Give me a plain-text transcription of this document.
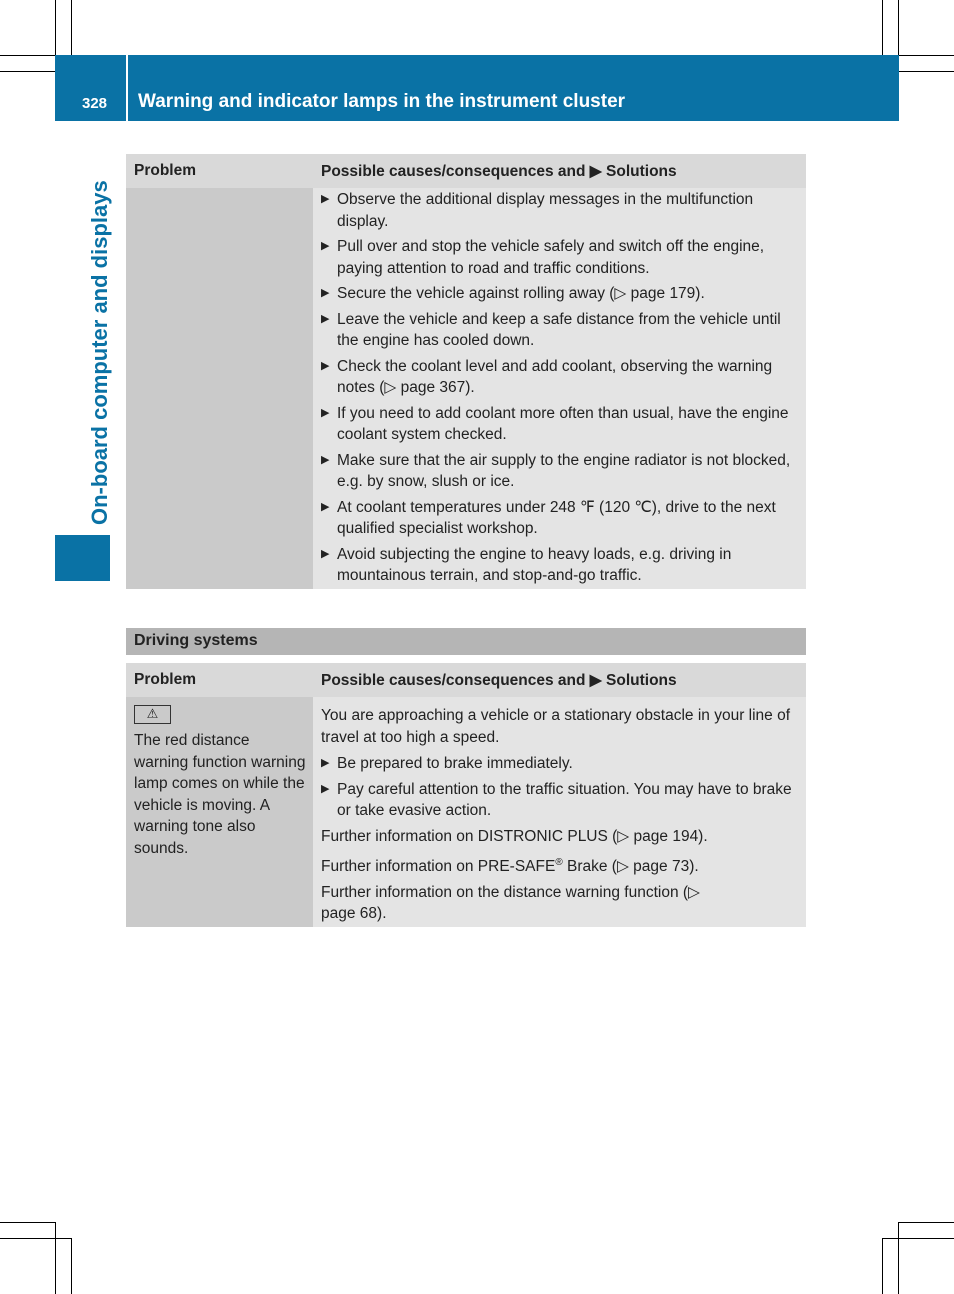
328 Warning and indicator lamps in the instrument cluster
On-board computer and displays
Problem	Possible causes/consequences and ▶ Solutions
▶ Observe the additional display messages in the multifunction display.
▶ Pull over and stop the vehicle safely and switch off the engine, paying attention to road and traffic conditions.
▶ Secure the vehicle against rolling away (▷ page 179).
▶ Leave the vehicle and keep a safe distance from the vehicle until the engine has cooled down.
▶ Check the coolant level and add coolant, observing the warning notes (▷ page 367).
▶ If you need to add coolant more often than usual, have the engine coolant system checked.
▶ Make sure that the air supply to the engine radiator is not blocked, e.g. by snow, slush or ice.
▶ At coolant temperatures under 248 ℉ (120 ℃), drive to the next qualified specialist workshop.
▶ Avoid subjecting the engine to heavy loads, e.g. driving in mountainous terrain, and stop-and-go traffic.
Driving systems
Problem	Possible causes/consequences and ▶ Solutions
⚠
The red distance warning function warning lamp comes on while the vehicle is moving. A warning tone also sounds.
You are approaching a vehicle or a stationary obstacle in your line of travel at too high a speed.
▶ Be prepared to brake immediately.
▶ Pay careful attention to the traffic situation. You may have to brake or take evasive action.
Further information on DISTRONIC PLUS (▷ page 194).
Further information on PRE-SAFE® Brake (▷ page 73).
Further information on the distance warning function (▷ page 68).
